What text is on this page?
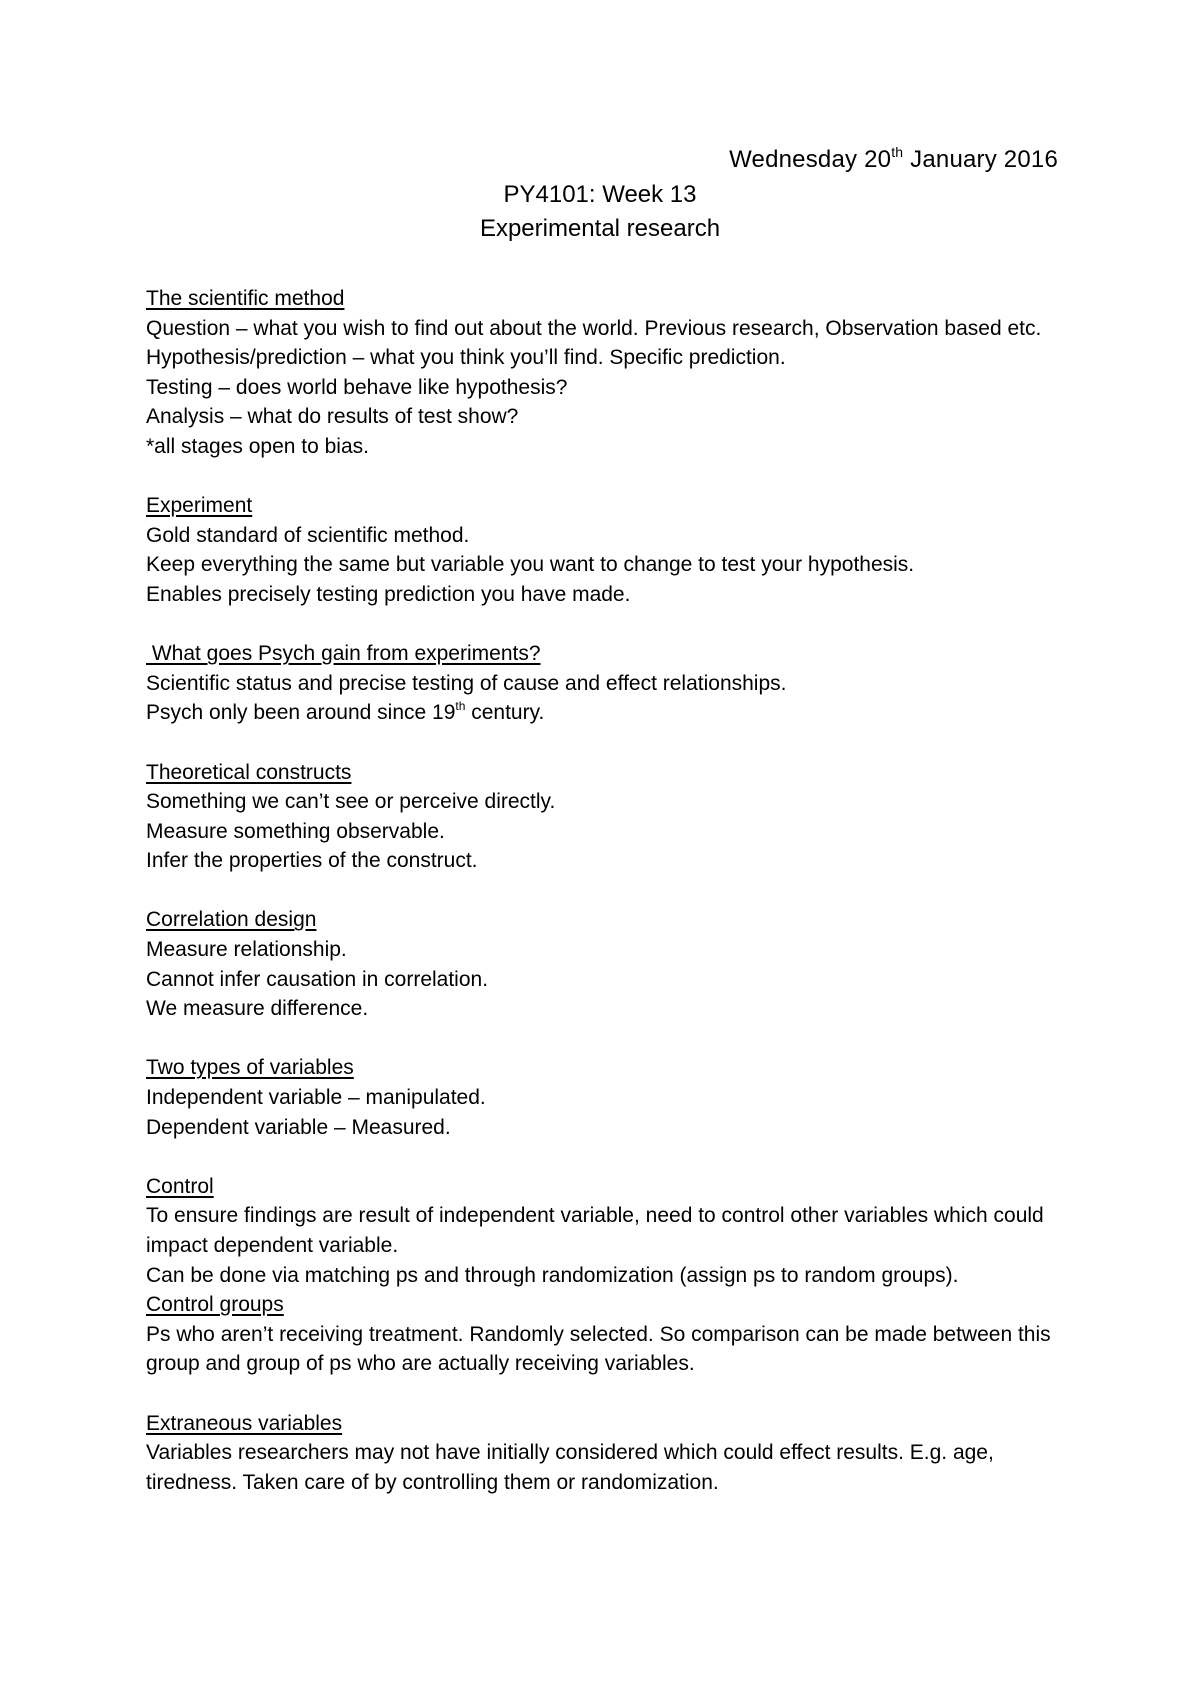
Wednesday 20th January 2016
PY4101: Week 13
Experimental research
The scientific method
Question – what you wish to find out about the world. Previous research, Observation based etc.
Hypothesis/prediction – what you think you’ll find. Specific prediction.
Testing – does world behave like hypothesis?
Analysis – what do results of test show?
*all stages open to bias.
Experiment
Gold standard of scientific method.
Keep everything the same but variable you want to change to test your hypothesis.
Enables precisely testing prediction you have made.
What goes Psych gain from experiments?
Scientific status and precise testing of cause and effect relationships.
Psych only been around since 19th century.
Theoretical constructs
Something we can’t see or perceive directly.
Measure something observable.
Infer the properties of the construct.
Correlation design
Measure relationship.
Cannot infer causation in correlation.
We measure difference.
Two types of variables
Independent variable – manipulated.
Dependent variable – Measured.
Control
To ensure findings are result of independent variable, need to control other variables which could impact dependent variable.
Can be done via matching ps and through randomization (assign ps to random groups).
Control groups
Ps who aren’t receiving treatment. Randomly selected. So comparison can be made between this group and group of ps who are actually receiving variables.
Extraneous variables
Variables researchers may not have initially considered which could effect results. E.g. age, tiredness. Taken care of by controlling them or randomization.
